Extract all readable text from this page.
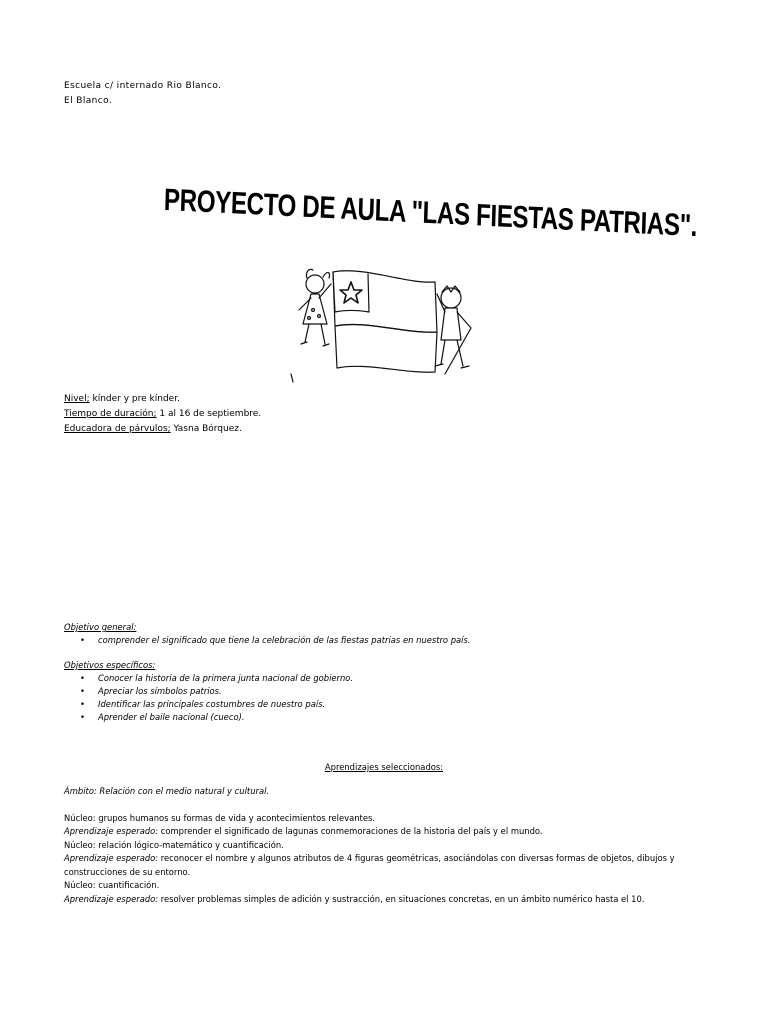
Escuela c/ internado Rio Blanco.
El Blanco.
PROYECTO DE AULA "LAS FIESTAS PATRIAS".
Nivel; kínder y pre kínder.
Tiempo de duración; 1 al 16 de septiembre.
Educadora de párvulos; Yasna Bórquez.
Objetivo general:
• comprender el significado que tiene la celebración de las fiestas patrias en nuestro país.
Objetivos específicos:
• Conocer la historia de la primera junta nacional de gobierno.
• Apreciar los símbolos patrios.
• Identificar las principales costumbres de nuestro país.
• Aprender el baile nacional (cueco).
Aprendizajes seleccionados:
Ámbito: Relación con el medio natural y cultural.
Núcleo: grupos humanos su formas de vida y acontecimientos relevantes.
Aprendizaje esperado: comprender el significado de lagunas conmemoraciones de la historia del país y el mundo.
Núcleo: relación lógico-matemático y cuantificación.
Aprendizaje esperado: reconocer el nombre y algunos atributos de 4 figuras geométricas, asociándolas con diversas formas de objetos, dibujos y construcciones de su entorno.
Núcleo: cuantificación.
Aprendizaje esperado: resolver problemas simples de adición y sustracción, en situaciones concretas, en un ámbito numérico hasta el 10.
